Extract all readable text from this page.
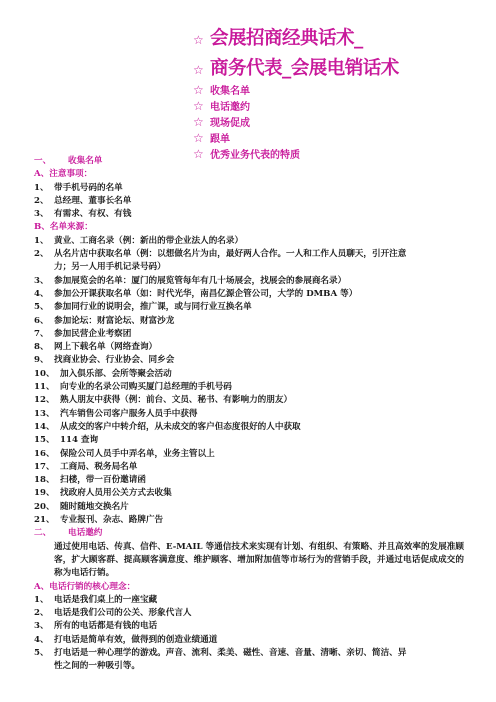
☆ 会展招商经典话术_
☆ 商务代表_会展电销话术
☆ 收集名单
☆ 电话邀约
☆ 现场促成
☆ 跟单
☆ 优秀业务代表的特质
一、 收集名单
A、注意事项：
1、 带手机号码的名单
2、 总经理、董事长名单
3、 有需求、有权、有钱
B、名单来源：
1、 黄业、工商名录（例：新出的带企业法人的名录）
2、 从名片店中获取名单（例：以想做名片为由，最好两人合作。一人和工作人员聊天，引开注意
力；另一人用手机记录号码）
3、 参加展览会的名单：厦门的展览管每年有几十场展会，找展会的参展商名录）
4、 参加公开课获取名单（如：时代光华，南昌亿源企管公司，大学的 DMBA 等）
5、 参加同行业的说明会，推广课，或与同行业互换名单
6、 参加论坛：财富论坛、财富沙龙
7、 参加民营企业考察团
8、 网上下载名单（网络查询）
9、 找商业协会、行业协会、同乡会
10、 加入俱乐部、会所等聚会活动
11、 向专业的名录公司购买厦门总经理的手机号码
12、 熟人朋友中获得（例：前台、文员、秘书、有影响力的朋友）
13、 汽车销售公司客户服务人员手中获得
14、 从成交的客户中转介绍，从未成交的客户但态度很好的人中获取
15、 114 查询
16、 保险公司人员手中弄名单，业务主管以上
17、 工商局、税务局名单
18、 扫楼，带一百份邀请函
19、 找政府人员用公关方式去收集
20、 随时随地交换名片
21、 专业报刊、杂志、路牌广告
二、 电话邀约
通过使用电话、传真、信件、E-MAIL 等通信技术来实现有计划、有组织、有策略、并且高效率的发展准顾客，扩大顾客群、提高顾客满意度、维护顾客、增加附加值等市场行为的营销手段，并通过电话促成成交的称为电话行销。
A、电话行销的核心理念：
1、 电话是我们桌上的一座宝藏
2、 电话是我们公司的公关、形象代言人
3、 所有的电话都是有钱的电话
4、 打电话是简单有效，做得到的创造业绩通道
5、 打电话是一种心理学的游戏。声音、流利、柔美、磁性、音速、音量、清晰、亲切、简洁、异
性之间的一种吸引等。
